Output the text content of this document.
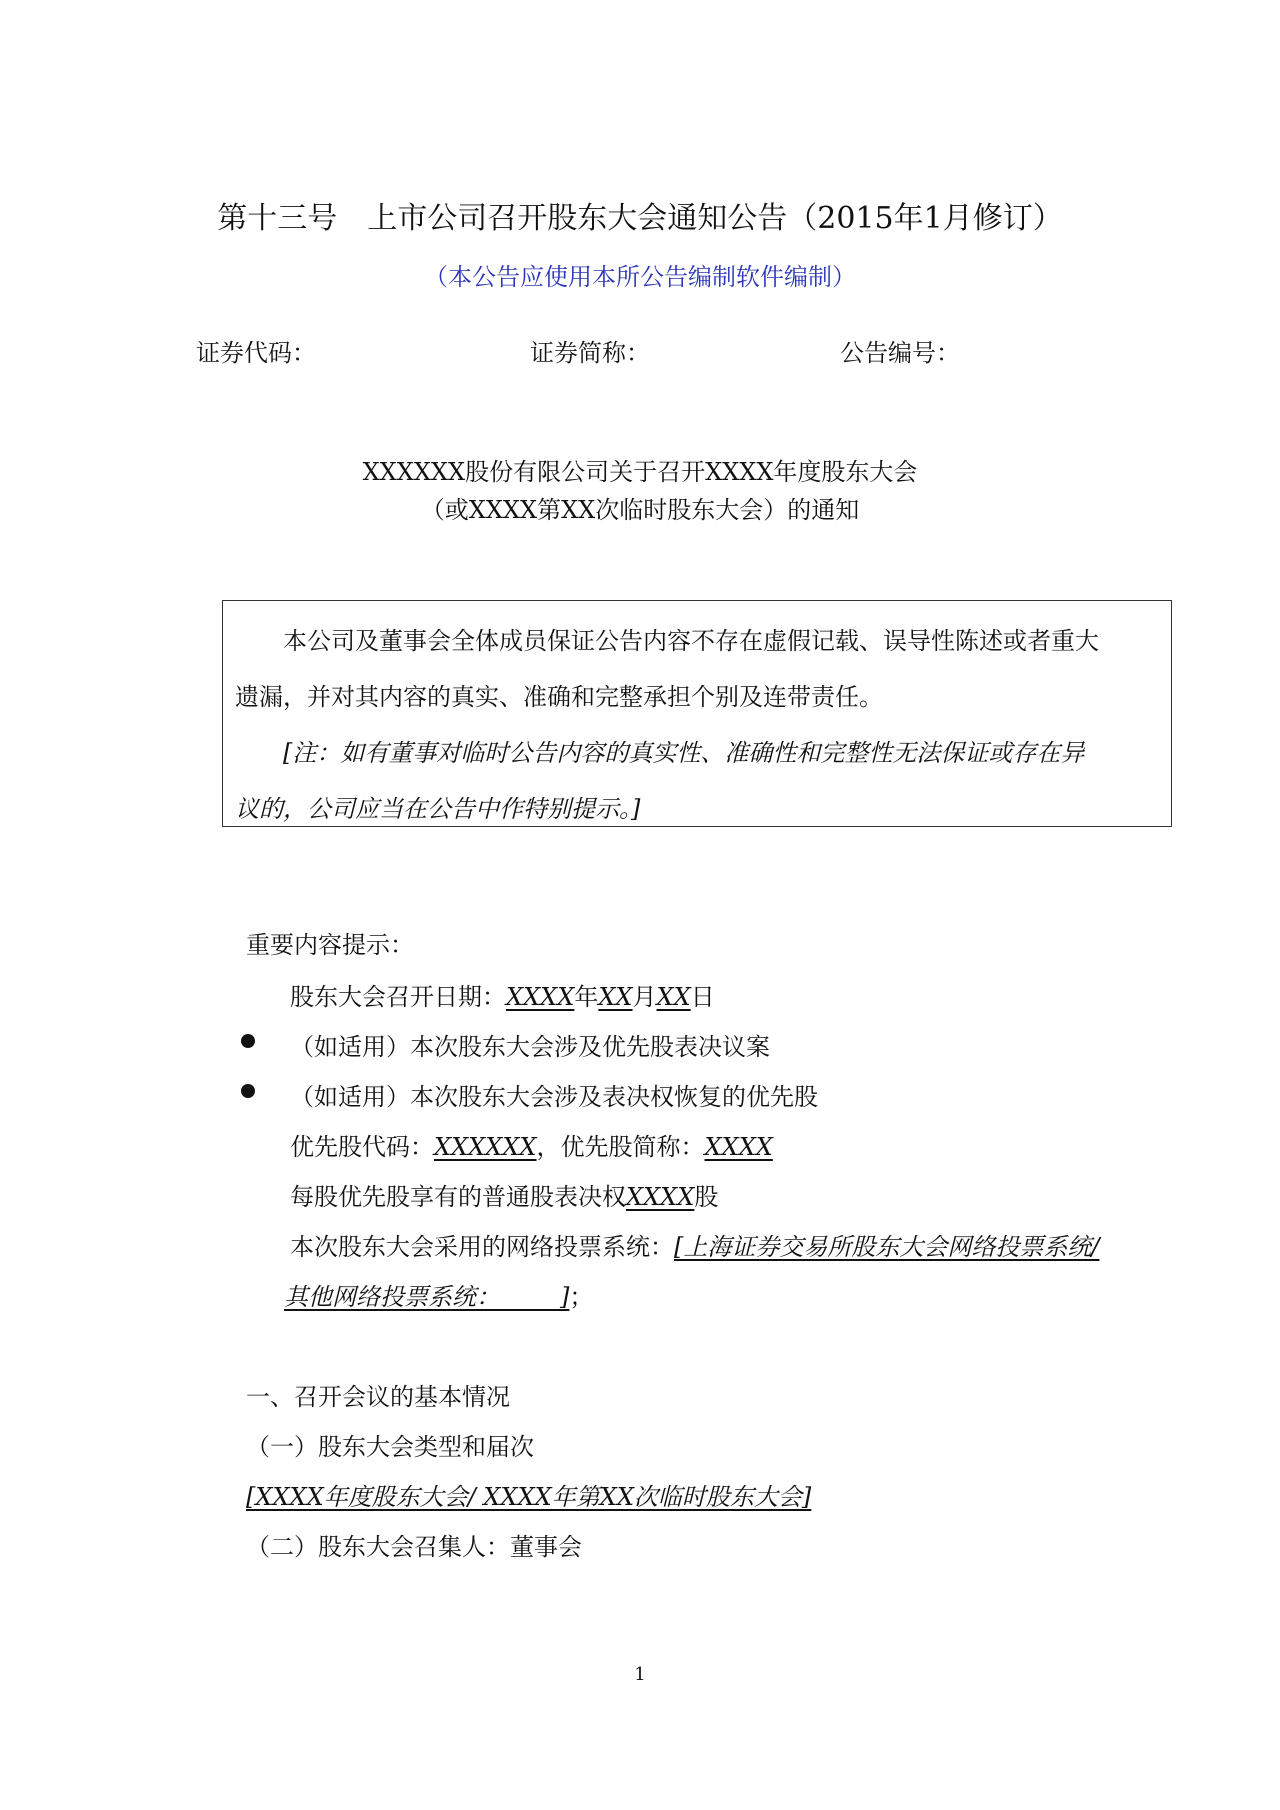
第十三号　上市公司召开股东大会通知公告（2015年1月修订）
（本公告应使用本所公告编制软件编制）
证券代码：	证券简称：	公告编号：
XXXXXX股份有限公司关于召开XXXX年度股东大会
（或XXXX第XX次临时股东大会）的通知
本公司及董事会全体成员保证公告内容不存在虚假记载、误导性陈述或者重大
遗漏，并对其内容的真实、准确和完整承担个别及连带责任。
[注：如有董事对临时公告内容的真实性、准确性和完整性无法保证或存在异
议的，公司应当在公告中作特别提示。]
重要内容提示：
股东大会召开日期：XXXX年XX月XX日
（如适用）本次股东大会涉及优先股表决议案
（如适用）本次股东大会涉及表决权恢复的优先股
优先股代码：XXXXXX，优先股简称：XXXX
每股优先股享有的普通股表决权XXXX股
本次股东大会采用的网络投票系统：[上海证券交易所股东大会网络投票系统/
其他网络投票系统：　　　]；
一、召开会议的基本情况
（一）股东大会类型和届次
[XXXX年度股东大会/ XXXX年第XX次临时股东大会]
（二）股东大会召集人：董事会
1
